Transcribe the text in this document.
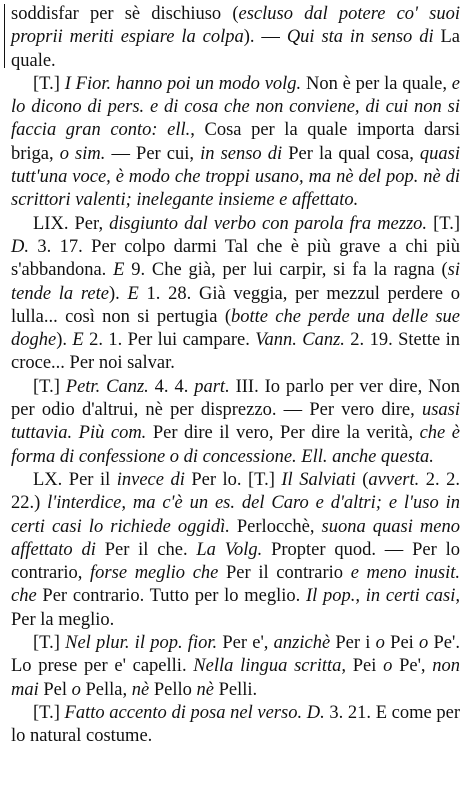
soddisfar per sè dischiuso (escluso dal potere co' suoi proprii meriti espiare la colpa). — Qui sta in senso di La quale.

[T.] I Fior. hanno poi un modo volg. Non è per la quale, e lo dicono di pers. e di cosa che non conviene, di cui non si faccia gran conto: ell., Cosa per la quale importa darsi briga, o sim. — Per cui, in senso di Per la qual cosa, quasi tutt'una voce, è modo che troppi usano, ma nè del pop. nè di scrittori valenti; inelegante insieme e affettato.

LIX. Per, disgiunto dal verbo con parola fra mezzo. [T.] D. 3. 17. Per colpo darmi Tal che è più grave a chi più s'abbandona. E 9. Che già, per lui carpir, si fa la ragna (si tende la rete). E 1. 28. Già veggia, per mezzul perdere o lulla... così non si pertugia (botte che perde una delle sue doghe). E 2. 1. Per lui campare. Vann. Canz. 2. 19. Stette in croce... Per noi salvar.

[T.] Petr. Canz. 4. 4. part. III. Io parlo per ver dire, Non per odio d'altrui, nè per disprezzo. — Per vero dire, usasi tuttavia. Più com. Per dire il vero, Per dire la verità, che è forma di confessione o di concessione. Ell. anche questa.

LX. Per il invece di Per lo. [T.] Il Salviati (avvert. 2. 2. 22.) l'interdice, ma c'è un es. del Caro e d'altri; e l'uso in certi casi lo richiede oggidì. Perlocchè, suona quasi meno affettato di Per il che. La Volg. Propter quod. — Per lo contrario, forse meglio che Per il contrario e meno inusit. che Per contrario. Tutto per lo meglio. Il pop., in certi casi, Per la meglio.

[T.] Nel plur. il pop. fior. Per e', anzichè Per i o Pei o Pe'. Lo prese per e' capelli. Nella lingua scritta, Pei o Pe', non mai Pel o Pella, nè Pello nè Pelli.

[T.] Fatto accento di posa nel verso. D. 3. 21. E come per lo natural costume.
